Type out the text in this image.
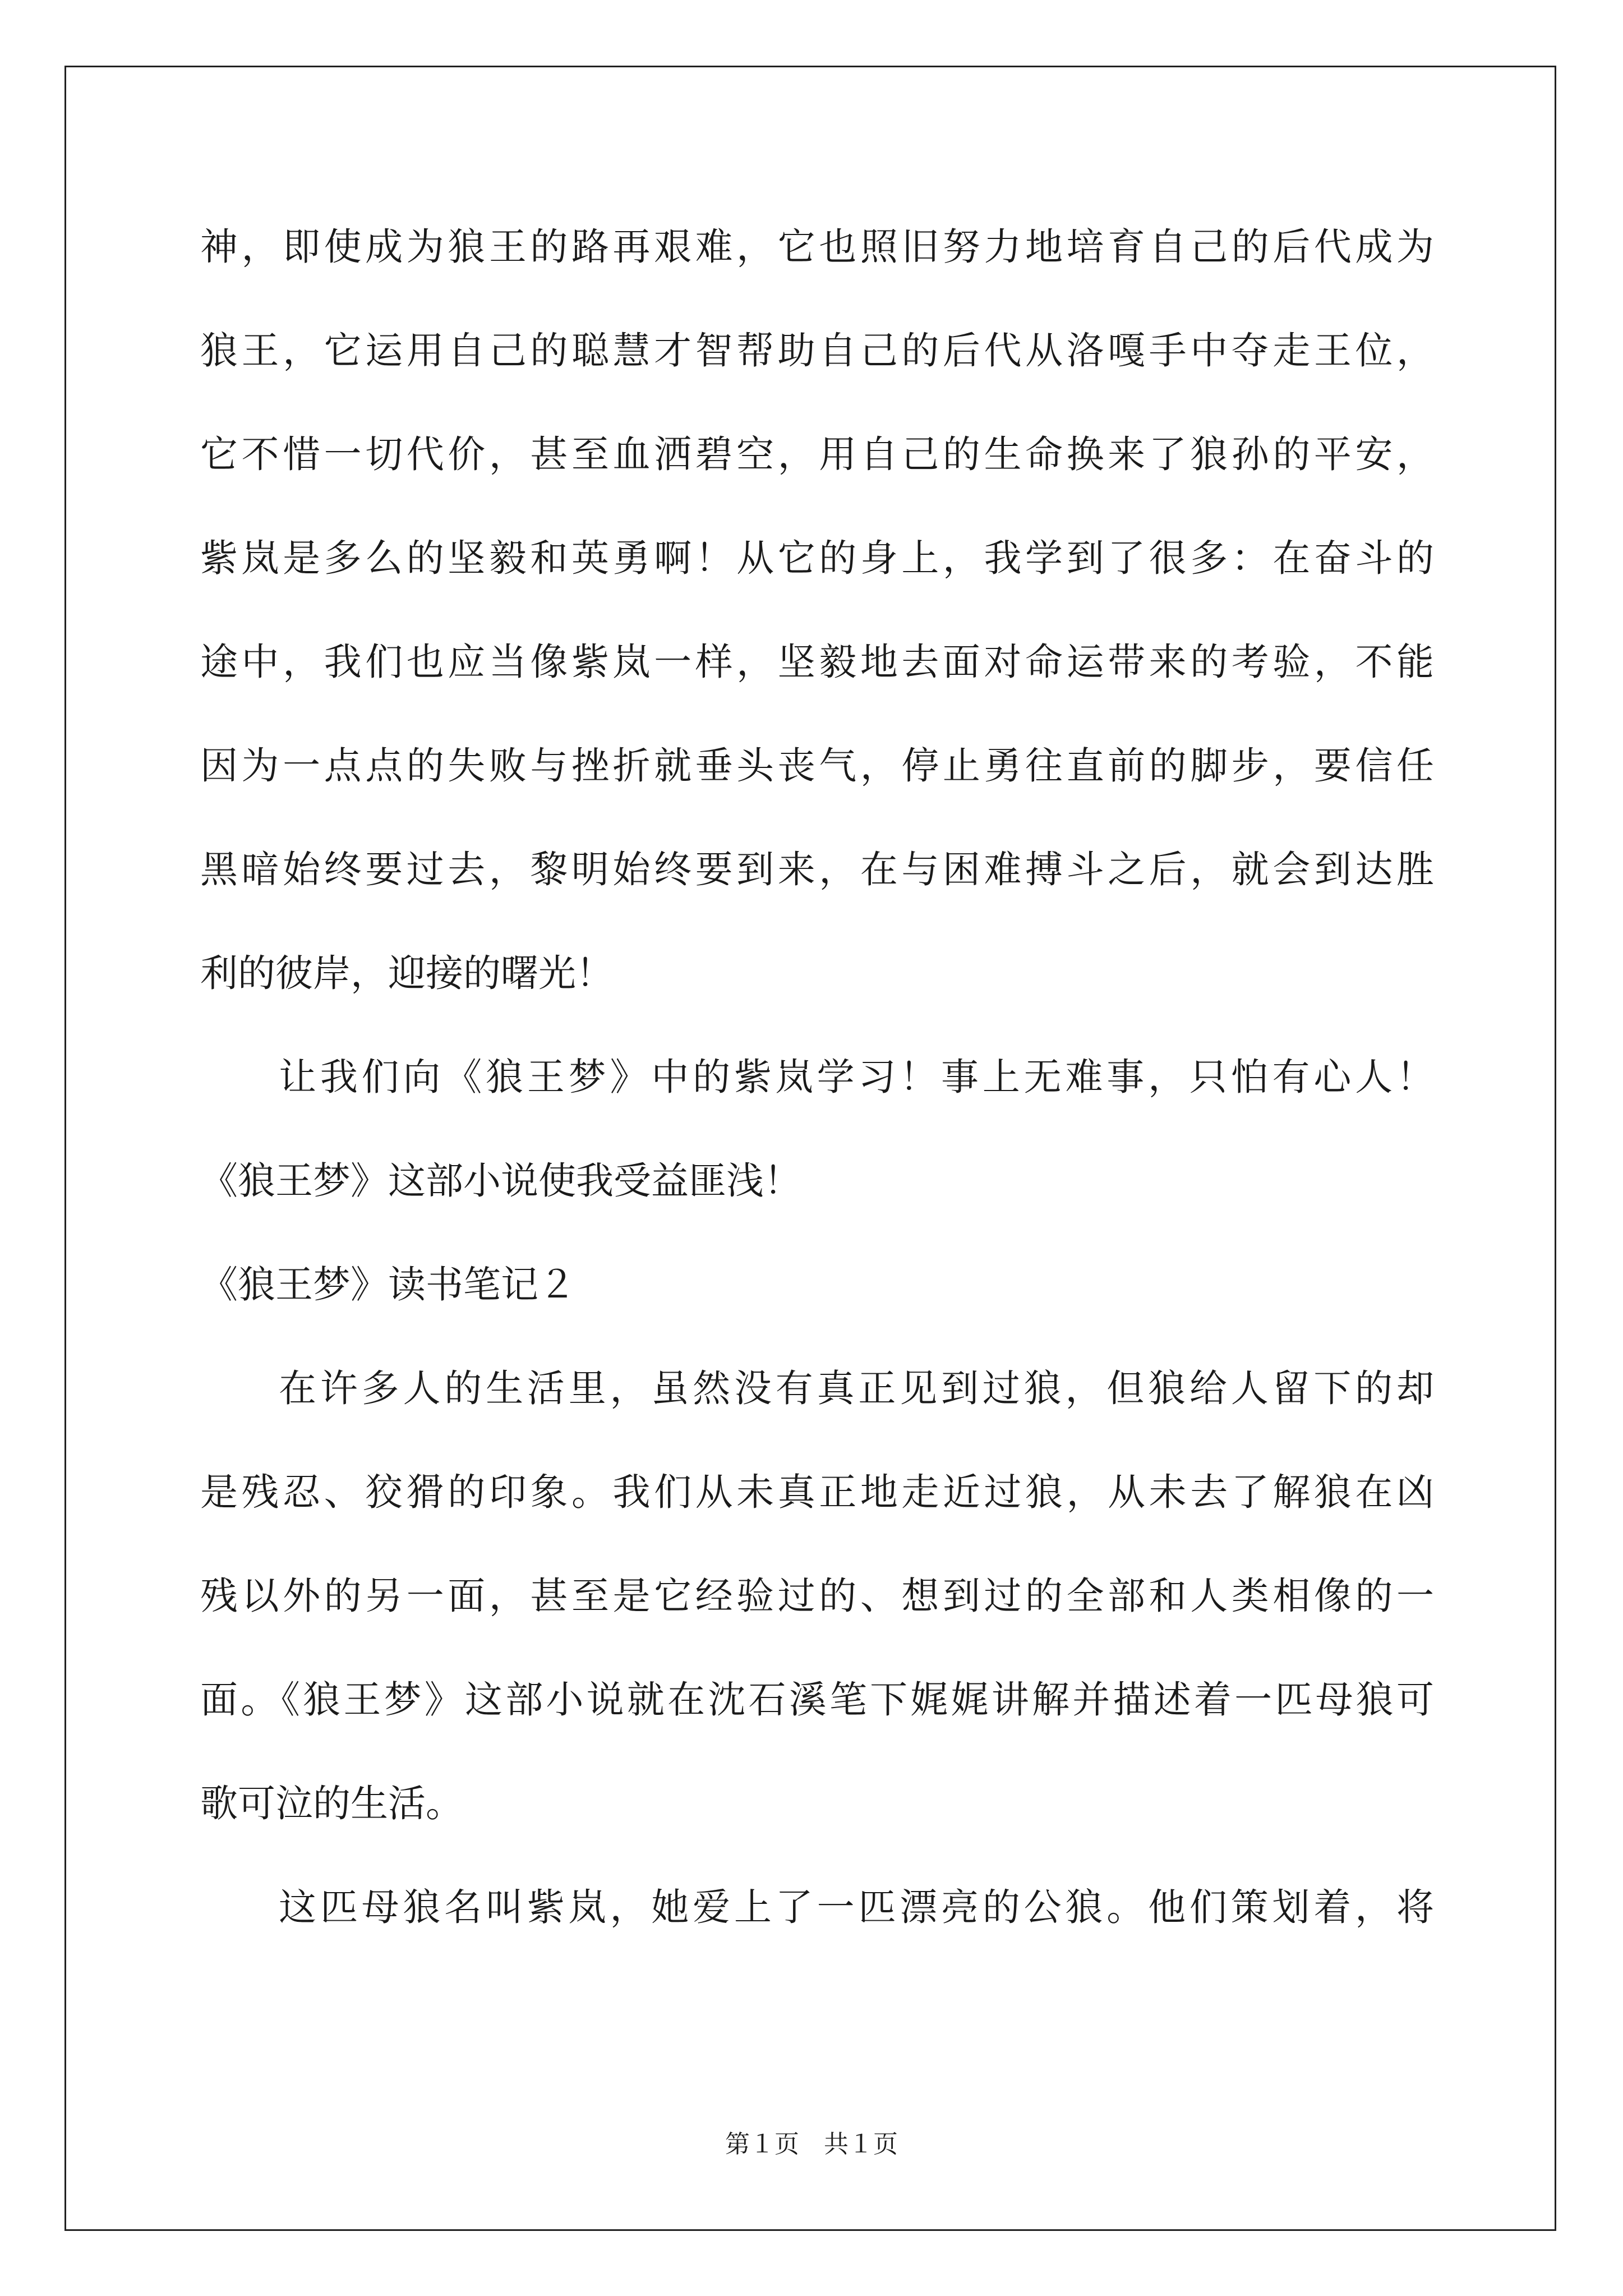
神，即使成为狼王的路再艰难，它也照旧努力地培育自己的后代成为
狼王，它运用自己的聪慧才智帮助自己的后代从洛嘎手中夺走王位，
它不惜一切代价，甚至血洒碧空，用自己的生命换来了狼孙的平安，
紫岚是多么的坚毅和英勇啊！从它的身上，我学到了很多：在奋斗的
途中，我们也应当像紫岚一样，坚毅地去面对命运带来的考验，不能
因为一点点的失败与挫折就垂头丧气，停止勇往直前的脚步，要信任
黑暗始终要过去，黎明始终要到来，在与困难搏斗之后，就会到达胜
利的彼岸，迎接的曙光！
让我们向《狼王梦》中的紫岚学习！事上无难事，只怕有心人！
《狼王梦》这部小说使我受益匪浅！
《狼王梦》读书笔记２
在许多人的生活里，虽然没有真正见到过狼，但狼给人留下的却
是残忍、狡猾的印象。我们从未真正地走近过狼，从未去了解狼在凶
残以外的另一面，甚至是它经验过的、想到过的全部和人类相像的一
面。《狼王梦》这部小说就在沈石溪笔下娓娓讲解并描述着一匹母狼可
歌可泣的生活。
这匹母狼名叫紫岚，她爱上了一匹漂亮的公狼。他们策划着，将
第１页　共１页
